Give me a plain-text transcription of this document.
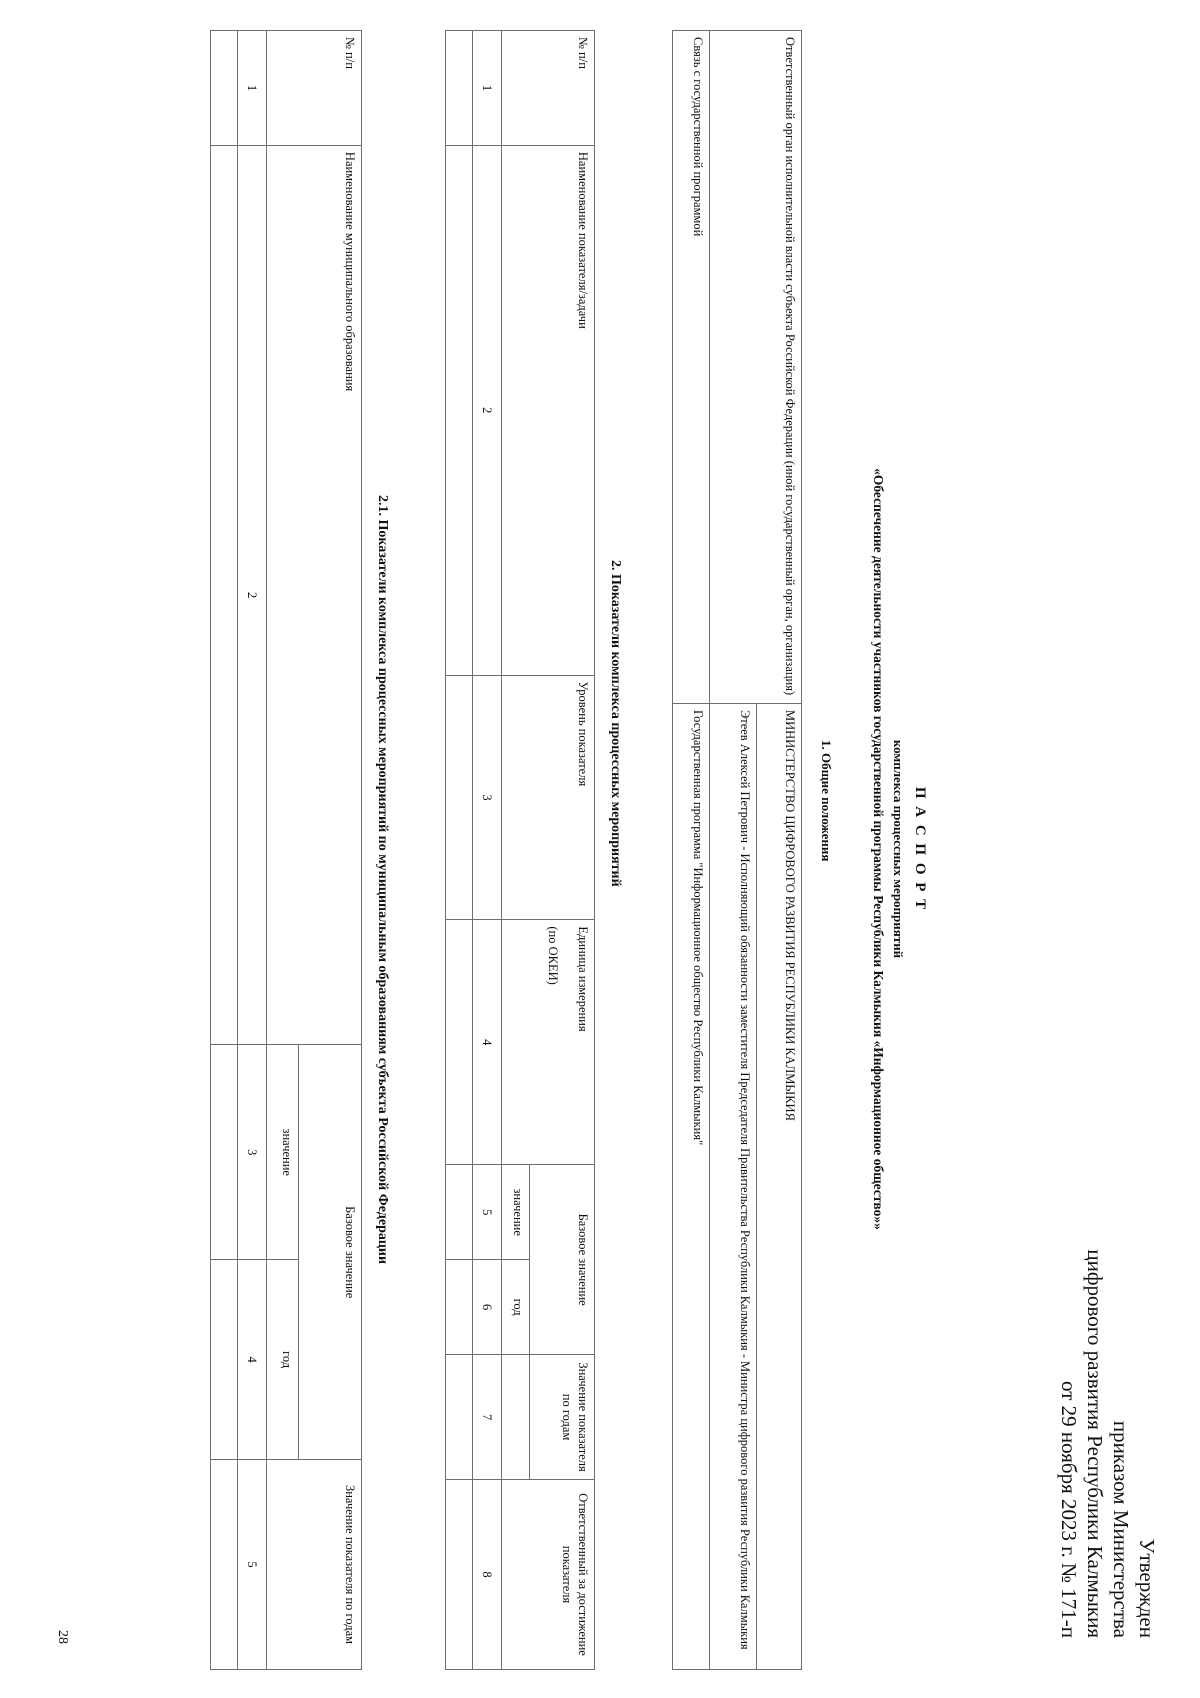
Утвержден
приказом Министерства
цифрового развития Республики Калмыкия
от 29 ноября 2023 г. № 171-п
П А С П О Р Т
комплекса процессных мероприятий
«Обеспечение деятельности участников государственной программы Республики Калмыкия «Информационное общество»»
1. Общие положения
Ответственный орган исполнительной власти субъекта Российской Федерации (иной государственный орган, организация)	МИНИСТЕРСТВО ЦИФРОВОГО РАЗВИТИЯ РЕСПУБЛИКИ КАЛМЫКИЯ
	Этеев Алексей Петрович - Исполняющий обязанности заместителя Председателя Правительства Республики Калмыкия - Министра цифрового развития Республики Калмыкия
Связь с государственной программой	Государственная программа "Информационное общество Республики Калмыкия"
2. Показатели комплекса процессных мероприятий
№ п/п	Наименование показателя/задачи	Уровень показателя	Единица измерения
(по ОКЕИ)	Базовое значение		Значение показателя по годам	Ответственный за достижение показателя
				значение	год		
1	2	3	4	5	6	7	8

2.1. Показатели комплекса процессных мероприятий по муниципальным образованиям субъекта Российской Федерации
№ п/п	Наименование муниципального образования	Базовое значение		Значение показателя по годам
		значение	год	
1	2	3	4	5

28
